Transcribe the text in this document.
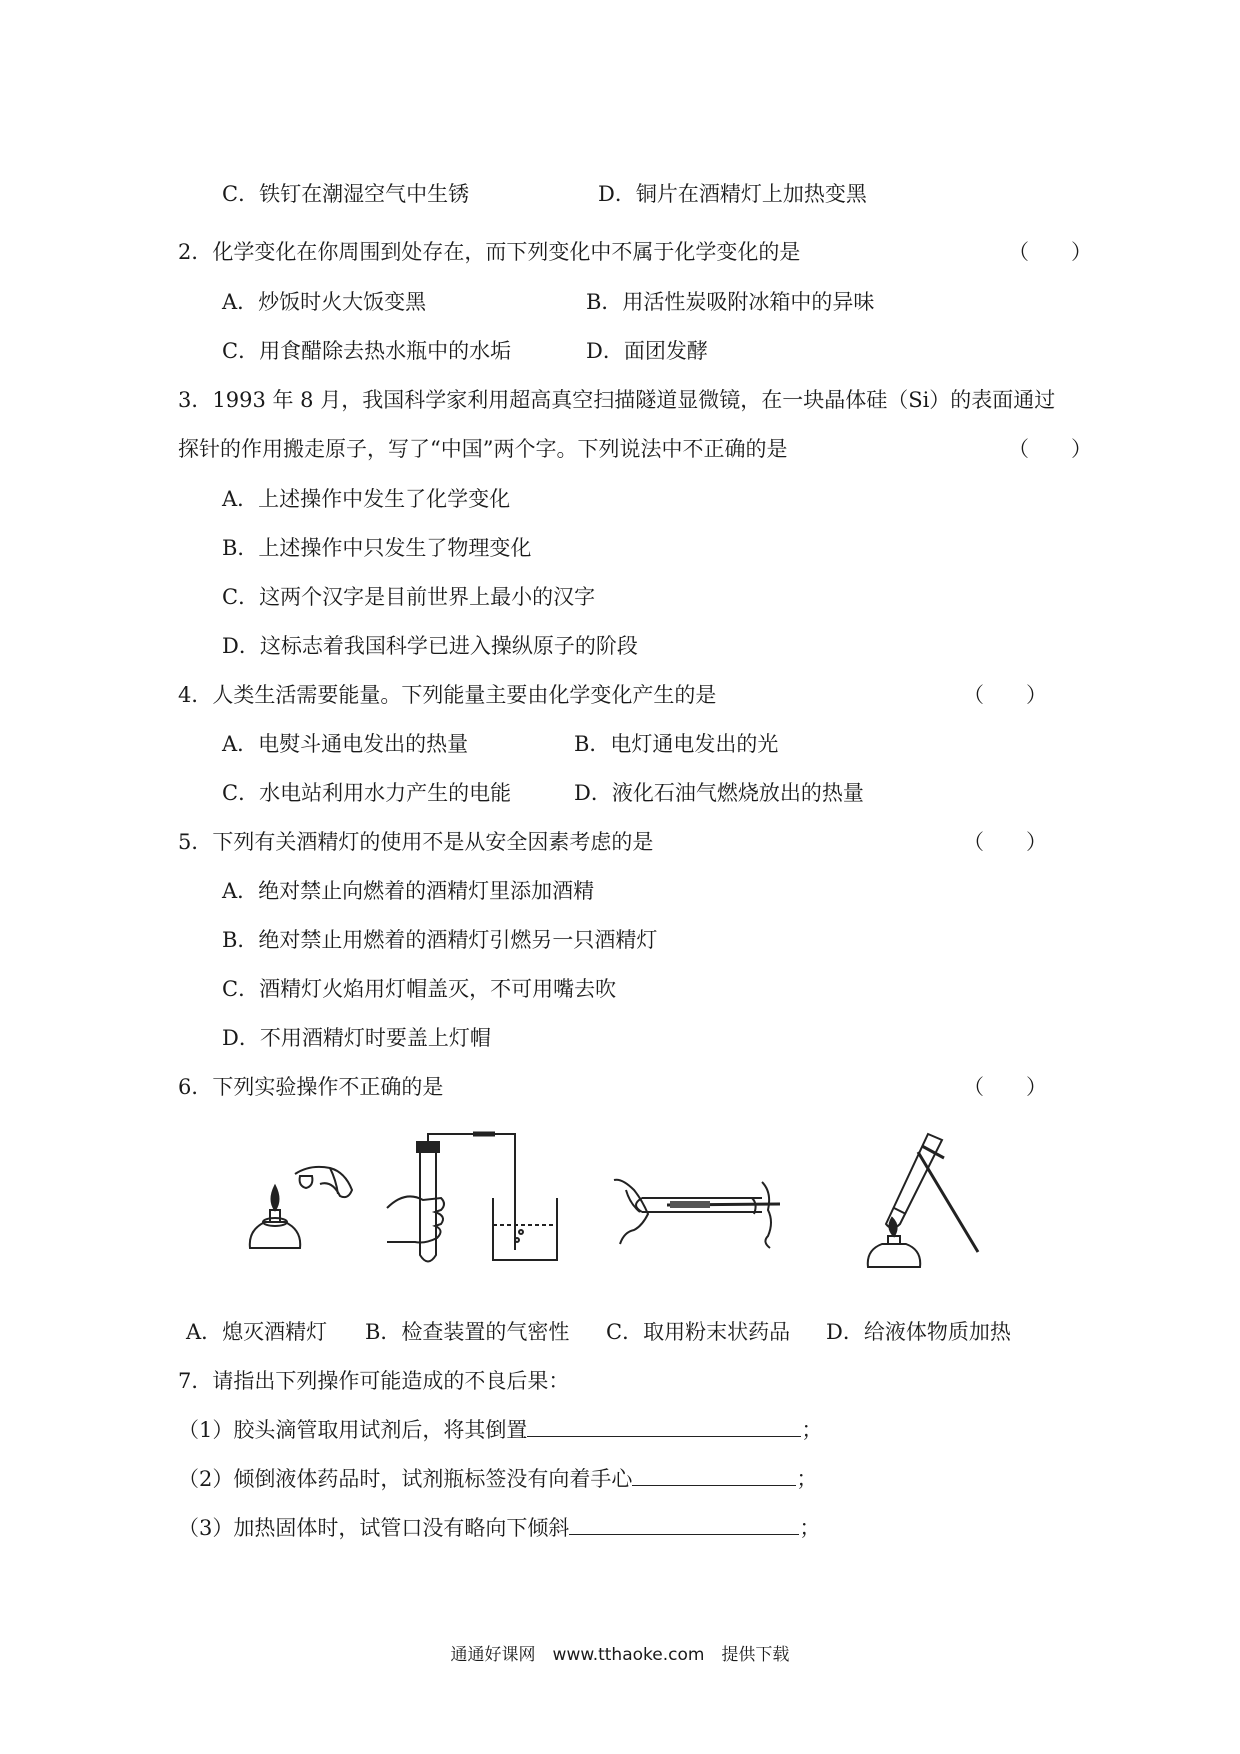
C．铁钉在潮湿空气中生锈	D．铜片在酒精灯上加热变黑
2．化学变化在你周围到处存在，而下列变化中不属于化学变化的是	（　　）
A．炒饭时火大饭变黑	B．用活性炭吸附冰箱中的异味
C．用食醋除去热水瓶中的水垢	D．面团发酵
3．1993 年 8 月，我国科学家利用超高真空扫描隧道显微镜，在一块晶体硅（Si）的表面通过
探针的作用搬走原子，写了“中国”两个字。下列说法中不正确的是	（　　）
A．上述操作中发生了化学变化
B．上述操作中只发生了物理变化
C．这两个汉字是目前世界上最小的汉字
D．这标志着我国科学已进入操纵原子的阶段
4．人类生活需要能量。下列能量主要由化学变化产生的是	（　　）
A．电熨斗通电发出的热量	B．电灯通电发出的光
C．水电站利用水力产生的电能	D．液化石油气燃烧放出的热量
5．下列有关酒精灯的使用不是从安全因素考虑的是	（　　）
A．绝对禁止向燃着的酒精灯里添加酒精
B．绝对禁止用燃着的酒精灯引燃另一只酒精灯
C．酒精灯火焰用灯帽盖灭，不可用嘴去吹
D．不用酒精灯时要盖上灯帽
6．下列实验操作不正确的是	（　　）
A．熄灭酒精灯 B．检查装置的气密性 C．取用粉末状药品 D．给液体物质加热
7．请指出下列操作可能造成的不良后果：
（1）胶头滴管取用试剂后，将其倒置	；
（2）倾倒液体药品时，试剂瓶标签没有向着手心	；
（3）加热固体时，试管口没有略向下倾斜	；
通通好课网　www.tthaoke.com　提供下载
